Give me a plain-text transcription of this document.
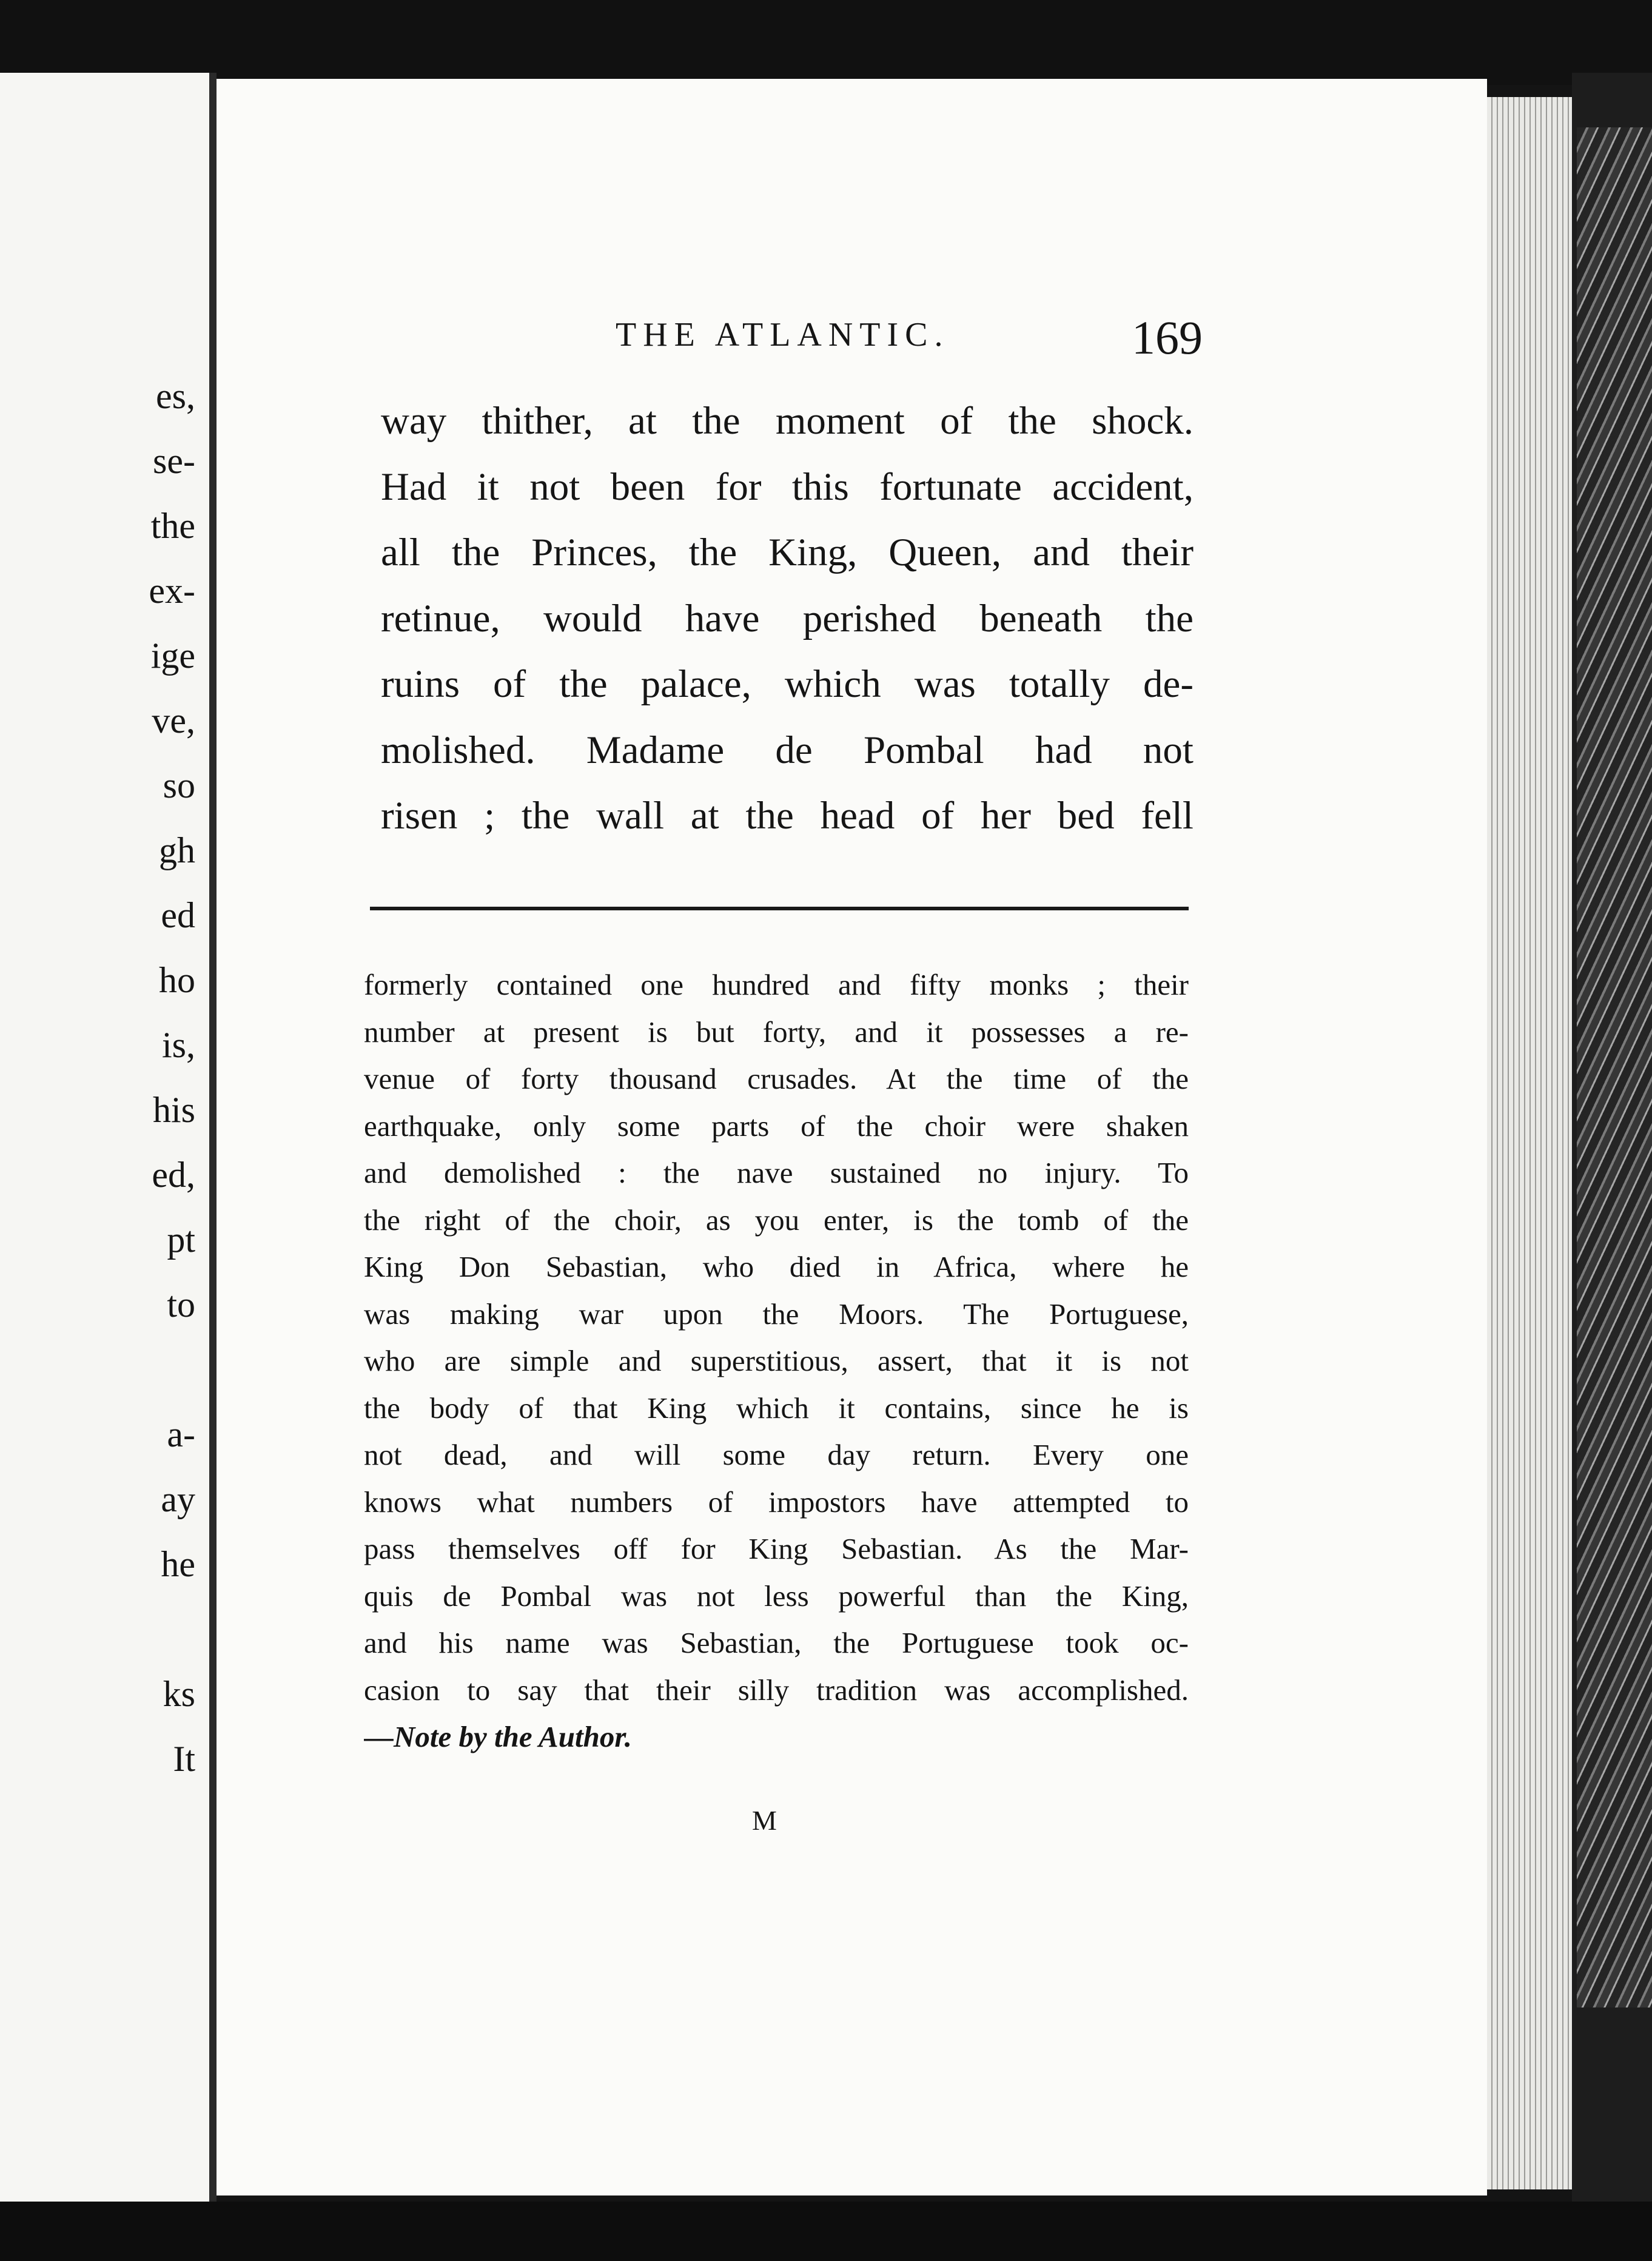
es,
se-
the
ex-
ige
ve,
so
gh
ed
ho
is,
his
ed,
pt
to
a-
ay
he
ks
It
THE ATLANTIC.	169
way thither, at the moment of the shock.
Had it not been for this fortunate accident,
all the Princes, the King, Queen, and their
retinue, would have perished beneath the
ruins of the palace, which was totally de-
molished. Madame de Pombal had not
risen ; the wall at the head of her bed fell
formerly contained one hundred and fifty monks ; their
number at present is but forty, and it possesses a re-
venue of forty thousand crusades. At the time of the
earthquake, only some parts of the choir were shaken
and demolished : the nave sustained no injury. To
the right of the choir, as you enter, is the tomb of the
King Don Sebastian, who died in Africa, where he
was making war upon the Moors. The Portuguese,
who are simple and superstitious, assert, that it is not
the body of that King which it contains, since he is
not dead, and will some day return. Every one
knows what numbers of impostors have attempted to
pass themselves off for King Sebastian. As the Mar-
quis de Pombal was not less powerful than the King,
and his name was Sebastian, the Portuguese took oc-
casion to say that their silly tradition was accomplished.
—Note by the Author.
M
